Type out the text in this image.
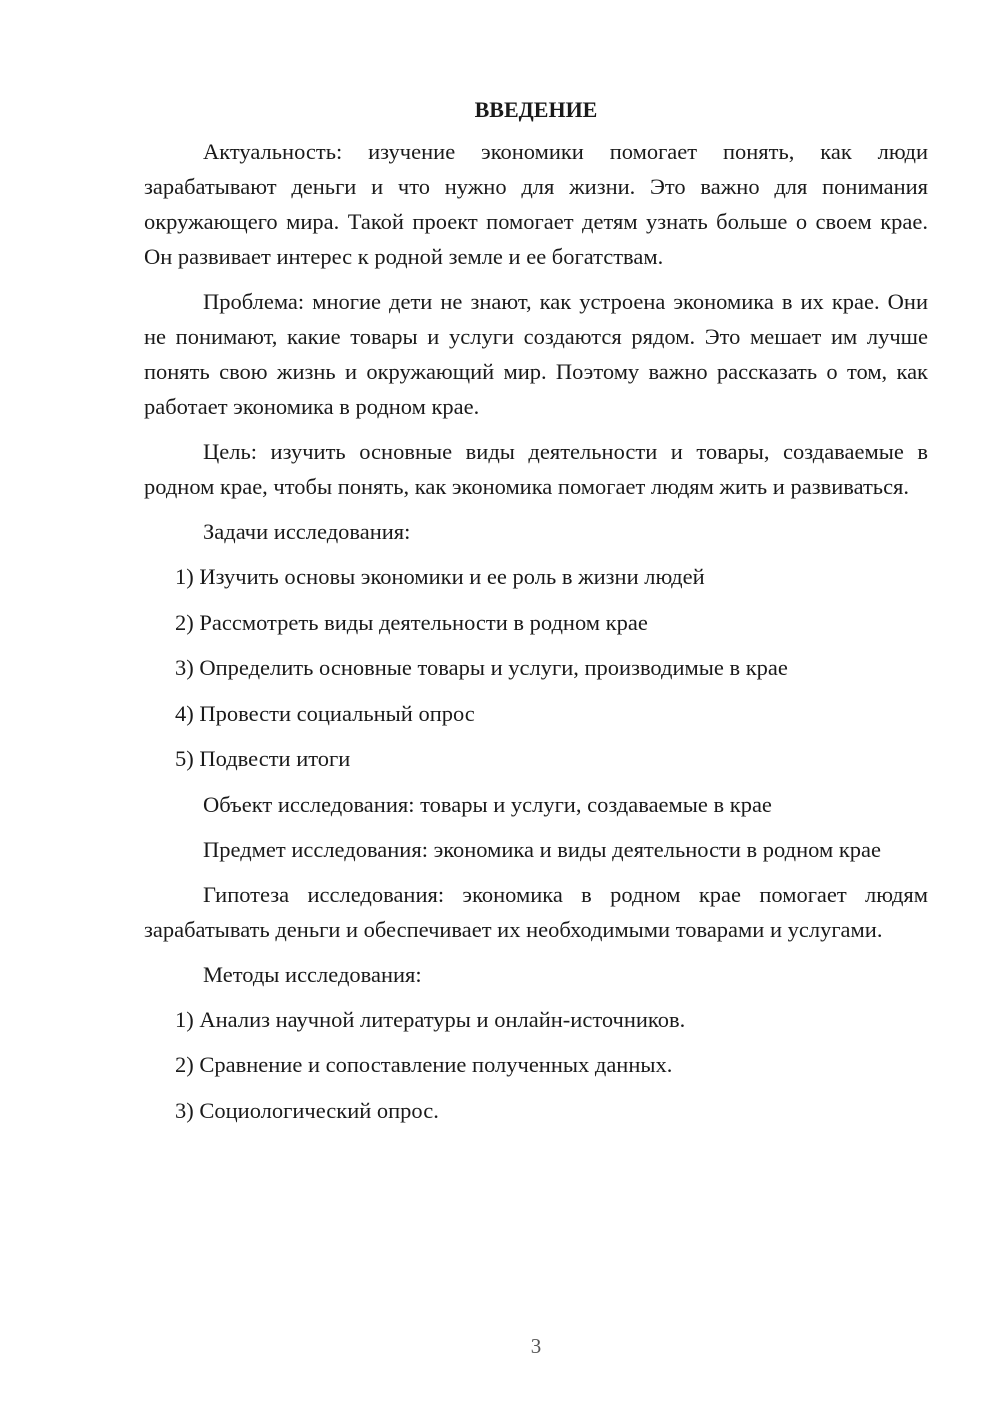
ВВЕДЕНИЕ

Актуальность: изучение экономики помогает понять, как люди зарабатывают деньги и что нужно для жизни. Это важно для понимания окружающего мира. Такой проект помогает детям узнать больше о своем крае. Он развивает интерес к родной земле и ее богатствам.

Проблема: многие дети не знают, как устроена экономика в их крае. Они не понимают, какие товары и услуги создаются рядом. Это мешает им лучше понять свою жизнь и окружающий мир. Поэтому важно рассказать о том, как работает экономика в родном крае.

Цель: изучить основные виды деятельности и товары, создаваемые в родном крае, чтобы понять, как экономика помогает людям жить и развиваться.

Задачи исследования:

1) Изучить основы экономики и ее роль в жизни людей
2) Рассмотреть виды деятельности в родном крае
3) Определить основные товары и услуги, производимые в крае
4) Провести социальный опрос
5) Подвести итоги

Объект исследования: товары и услуги, создаваемые в крае

Предмет исследования: экономика и виды деятельности в родном крае

Гипотеза исследования: экономика в родном крае помогает людям зарабатывать деньги и обеспечивает их необходимыми товарами и услугами.

Методы исследования:

1) Анализ научной литературы и онлайн-источников.
2) Сравнение и сопоставление полученных данных.
3) Социологический опрос.
3
